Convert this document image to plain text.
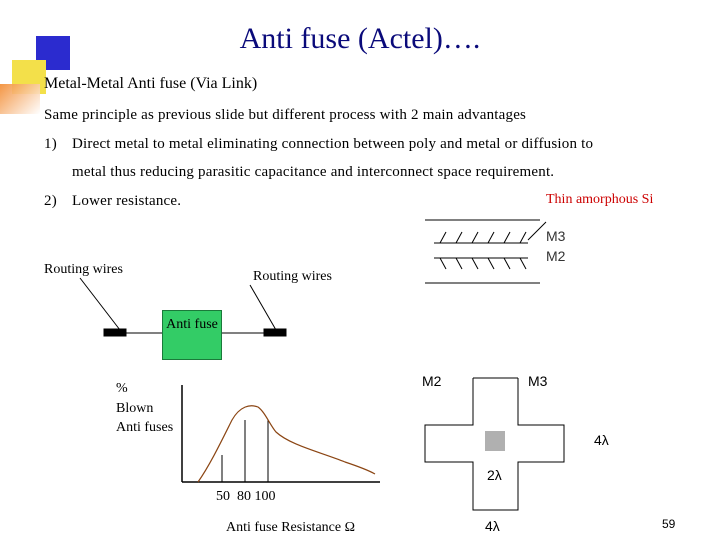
Anti fuse (Actel)….
Metal-Metal Anti fuse (Via Link)
Same principle as previous slide but different process with 2 main advantages
1) Direct metal to metal eliminating connection between poly and metal or diffusion to
metal thus reducing parasitic capacitance and interconnect space requirement.
2) Lower resistance.	Thin amorphous Si
M3
M2
Routing wires	Routing wires
Anti fuse
%
Blown
Anti fuses
50  80 100
Anti fuse Resistance Ω
M2	M3
4λ
2λ
4λ	59
